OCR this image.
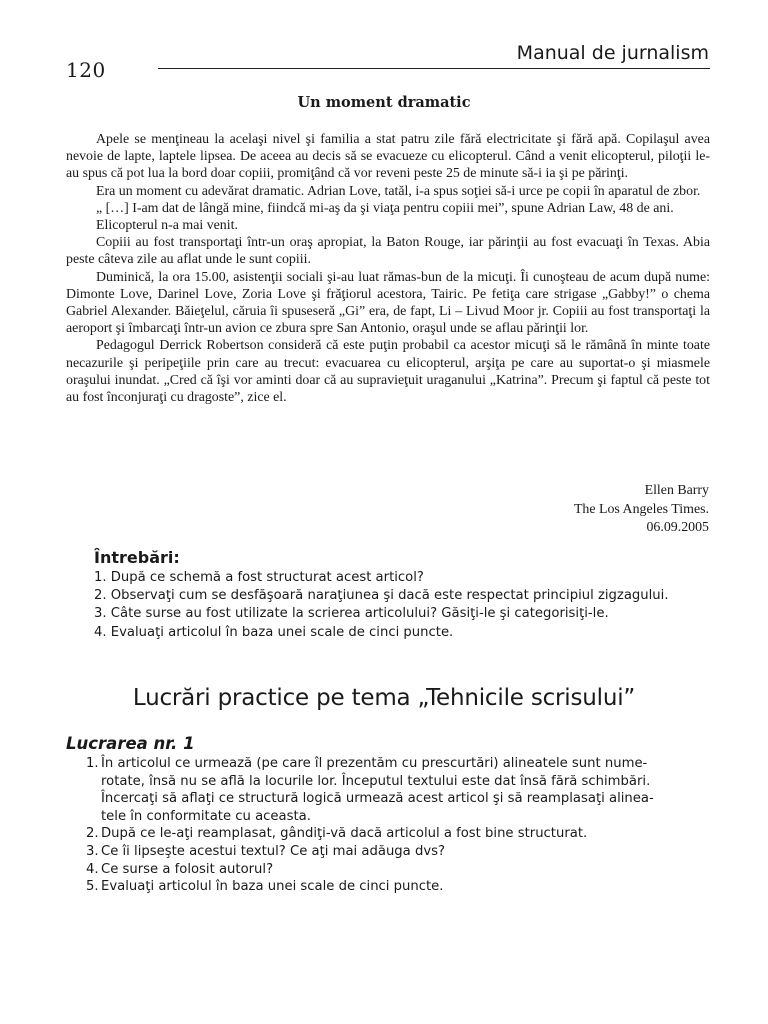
120
Manual de jurnalism
Un moment dramatic

Apele se menţineau la acelaşi nivel şi familia a stat patru zile fără electricitate şi fără apă. Copilaşul avea nevoie de lapte, laptele lipsea. De aceea au decis să se evacueze cu elicopterul. Când a venit elicopterul, piloţii le-au spus că pot lua la bord doar copiii, promiţând că vor reveni peste 25 de minute să-i ia şi pe părinţi.

Era un moment cu adevărat dramatic. Adrian Love, tatăl, i-a spus soţiei să-i urce pe copii în aparatul de zbor.

„ […] I-am dat de lângă mine, fiindcă mi-aş da şi viaţa pentru copiii mei”, spune Adrian Law, 48 de ani.

Elicopterul n-a mai venit.

Copiii au fost transportaţi într-un oraş apropiat, la Baton Rouge, iar părinţii au fost evacuaţi în Texas. Abia peste câteva zile au aflat unde le sunt copiii.

Duminică, la ora 15.00, asistenţii sociali şi-au luat rămas-bun de la micuţi. Îi cunoşteau de acum după nume: Dimonte Love, Darinel Love, Zoria Love şi frăţiorul acestora, Tairic. Pe fetiţa care strigase „Gabby!” o chema Gabriel Alexander. Băieţelul, căruia îi spuseseră „Gi” era, de fapt, Li – Livud Moor jr. Copiii au fost transportaţi la aeroport şi îmbarcaţi într-un avion ce zbura spre San Antonio, oraşul unde se aflau părinţii lor.

Pedagogul Derrick Robertson consideră că este puţin probabil ca acestor micuţi să le rămână în minte toate necazurile şi peripeţiile prin care au trecut: evacuarea cu elicopterul, arşiţa pe care au suportat-o şi miasmele oraşului inundat. „Cred că îşi vor aminti doar că au supravieţuit uraganului „Katrina”. Precum şi faptul că peste tot au fost înconjuraţi cu dragoste”, zice el.

Ellen Barry
The Los Angeles Times.
06.09.2005
Întrebări:
1. După ce schemă a fost structurat acest articol?
2. Observaţi cum se desfăşoară naraţiunea şi dacă este respectat principiul zigzagului.
3. Câte surse au fost utilizate la scrierea articolului? Găsiţi-le şi categorisiţi-le.
4. Evaluaţi articolul în baza unei scale de cinci puncte.
Lucrări practice pe tema „Tehnicile scrisului”
Lucrarea nr. 1
1. În articolul ce urmează (pe care îl prezentăm cu prescurtări) alineatele sunt nume-
rotate, însă nu se află la locurile lor. Începutul textului este dat însă fără schimbări.
Încercaţi să aflaţi ce structură logică urmează acest articol şi să reamplasaţi alinea-
tele în conformitate cu aceasta.
2. După ce le-aţi reamplasat, gândiţi-vă dacă articolul a fost bine structurat.
3. Ce îi lipseşte acestui textul? Ce aţi mai adăuga dvs?
4. Ce surse a folosit autorul?
5. Evaluaţi articolul în baza unei scale de cinci puncte.
